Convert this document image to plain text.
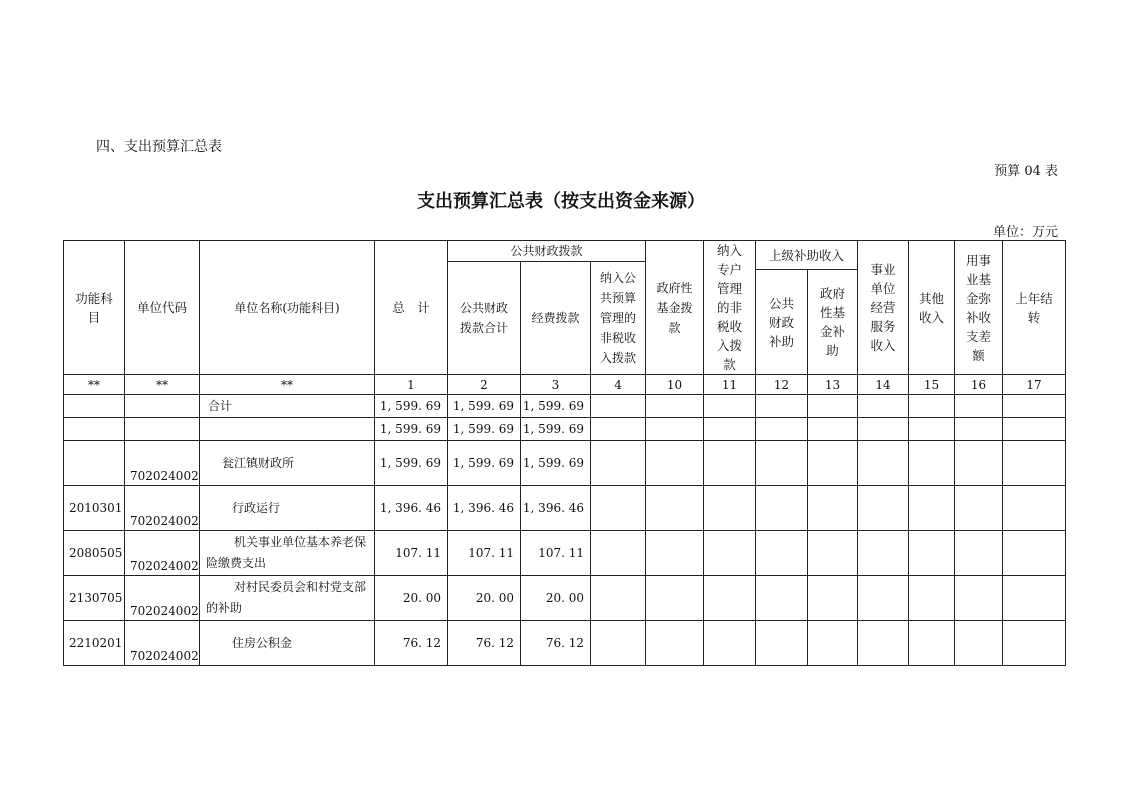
四、支出预算汇总表
预算 04 表
支出预算汇总表（按支出资金来源）
单位：万元
功能科目	单位代码	单位名称(功能科目)	总　计	公共财政拨款			政府性基金拨款	纳入专户管理的非税收入拨款	上级补助收入		事业单位经营服务收入	其他收入	用事业基金弥补收支差额	上年结转
				公共财政拨款合计	经费拨款	纳入公共预算管理的非税收入拨款								
									公共财政补助	政府性基金补助				
**	**	**	1	2	3	4	10	11	12	13	14	15	16	17
		合计	1, 599. 69	1, 599. 69	1, 599. 69									
			1, 599. 69	1, 599. 69	1, 599. 69									
	702024002	瓮江镇财政所	1, 599. 69	1, 599. 69	1, 599. 69									
2010301	702024002	行政运行	1, 396. 46	1, 396. 46	1, 396. 46									
2080505	702024002	机关事业单位基本养老保险缴费支出	107. 11	107. 11	107. 11									
2130705	702024002	对村民委员会和村党支部的补助	20. 00	20. 00	20. 00									
2210201	702024002	住房公积金	76. 12	76. 12	76. 12									
